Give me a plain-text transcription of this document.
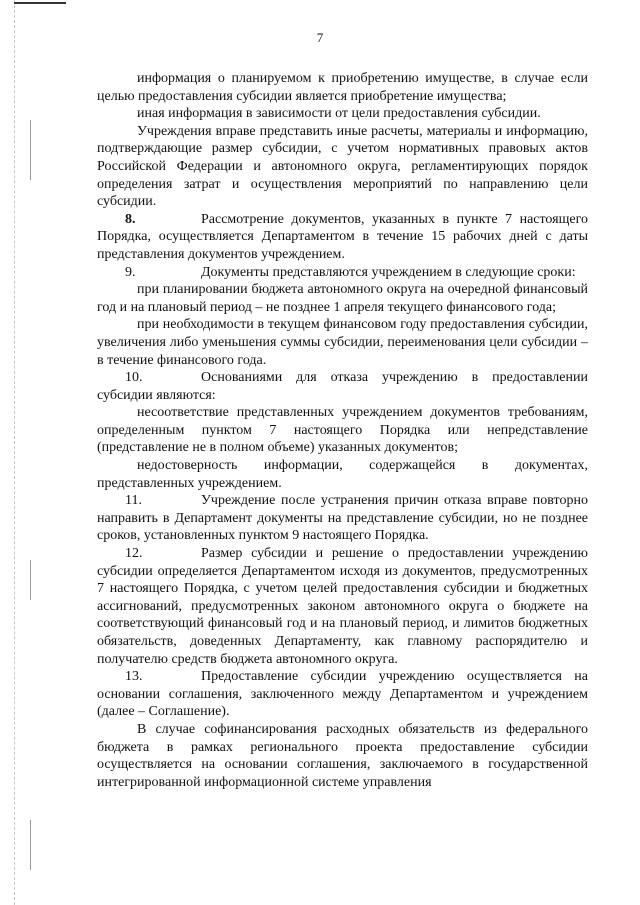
7

информация о планируемом к приобретению имуществе, в случае если целью предоставления субсидии является приобретение имущества;

иная информация в зависимости от цели предоставления субсидии.

Учреждения вправе представить иные расчеты, материалы и информацию, подтверждающие размер субсидии, с учетом нормативных правовых актов Российской Федерации и автономного округа, регламентирующих порядок определения затрат и осуществления мероприятий по направлению цели субсидии.

8.	Рассмотрение документов, указанных в пункте 7 настоящего Порядка, осуществляется Департаментом в течение 15 рабочих дней с даты представления документов учреждением.

9.	Документы представляются учреждением в следующие сроки:

при планировании бюджета автономного округа на очередной финансовый год и на плановый период – не позднее 1 апреля текущего финансового года;

при необходимости в текущем финансовом году предоставления субсидии, увеличения либо уменьшения суммы субсидии, переименования цели субсидии – в течение финансового года.

10.	Основаниями для отказа учреждению в предоставлении субсидии являются:

несоответствие представленных учреждением документов требованиям, определенным пунктом 7 настоящего Порядка или непредставление (представление не в полном объеме) указанных документов;

недостоверность информации, содержащейся в документах, представленных учреждением.

11.	Учреждение после устранения причин отказа вправе повторно направить в Департамент документы на представление субсидии, но не позднее сроков, установленных пунктом 9 настоящего Порядка.

12.	Размер субсидии и решение о предоставлении учреждению субсидии определяется Департаментом исходя из документов, предусмотренных 7 настоящего Порядка, с учетом целей предоставления субсидии и бюджетных ассигнований, предусмотренных законом автономного округа о бюджете на соответствующий финансовый год и на плановый период, и лимитов бюджетных обязательств, доведенных Департаменту, как главному распорядителю и получателю средств бюджета автономного округа.

13.	Предоставление субсидии учреждению осуществляется на основании соглашения, заключенного между Департаментом и учреждением (далее – Соглашение).

В случае софинансирования расходных обязательств из федерального бюджета в рамках регионального проекта предоставление субсидии осуществляется на основании соглашения, заключаемого в государственной интегрированной информационной системе управления
